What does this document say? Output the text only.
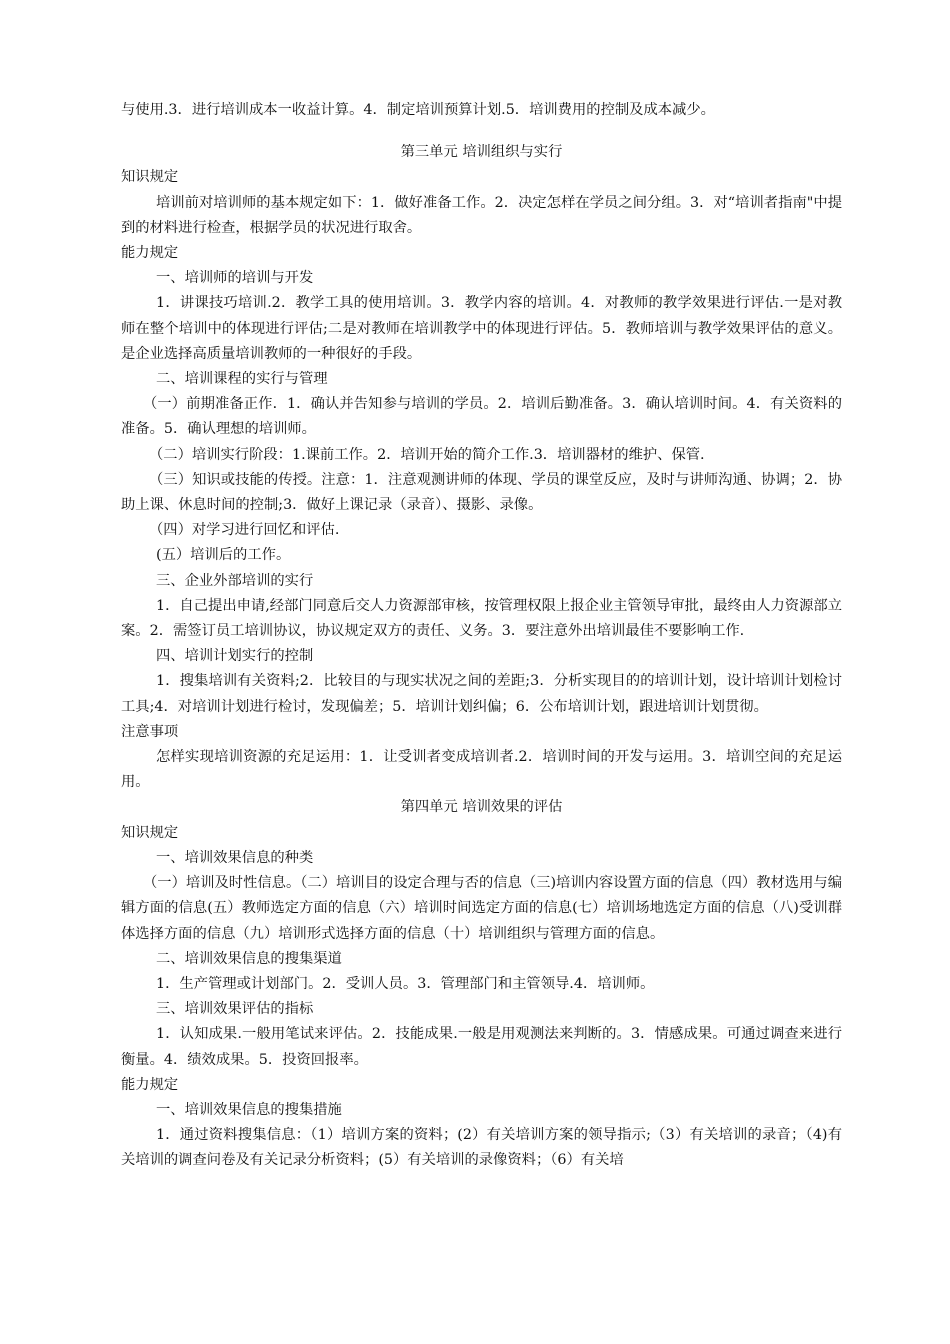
与使用.3．进行培训成本一收益计算。4．制定培训预算计划.5．培训费用的控制及成本减少。

第三单元 培训组织与实行

知识规定

培训前对培训师的基本规定如下：1．做好准备工作。2．决定怎样在学员之间分组。3．对“培训者指南"中提到的材料进行检查，根据学员的状况进行取舍。

能力规定

一、培训师的培训与开发

1．讲课技巧培训.2．教学工具的使用培训。3．教学内容的培训。4．对教师的教学效果进行评估.一是对教师在整个培训中的体现进行评估;二是对教师在培训教学中的体现进行评估。5．教师培训与教学效果评估的意义。是企业选择高质量培训教师的一种很好的手段。

二、培训课程的实行与管理

（一）前期准备正作．1．确认并告知参与培训的学员。2．培训后勤准备。3．确认培训时间。4．有关资料的准备。5．确认理想的培训师。

（二）培训实行阶段：1.课前工作。2．培训开始的简介工作.3．培训器材的维护、保管.

（三）知识或技能的传授。注意：1．注意观测讲师的体现、学员的课堂反应，及时与讲师沟通、协调；2．协助上课、休息时间的控制;3．做好上课记录（录音）、摄影、录像。

（四）对学习进行回忆和评估.

(五）培训后的工作。

三、企业外部培训的实行

1．自己提出申请,经部门同意后交人力资源部审核，按管理权限上报企业主管领导审批，最终由人力资源部立案。2．需签订员工培训协议，协议规定双方的责任、义务。3．要注意外出培训最佳不要影响工作.

四、培训计划实行的控制

1．搜集培训有关资料;2．比较目的与现实状况之间的差距;3．分析实现目的的培训计划，设计培训计划检讨工具;4．对培训计划进行检讨，发现偏差；5．培训计划纠偏；6．公布培训计划，跟进培训计划贯彻。

注意事项

怎样实现培训资源的充足运用：1．让受训者变成培训者.2．培训时间的开发与运用。3．培训空间的充足运用。

第四单元 培训效果的评估

知识规定

一、培训效果信息的种类

（一）培训及时性信息。（二）培训目的设定合理与否的信息（三)培训内容设置方面的信息（四）教材选用与编辑方面的信息(五）教师选定方面的信息（六）培训时间选定方面的信息(七）培训场地选定方面的信息（八)受训群体选择方面的信息（九）培训形式选择方面的信息（十）培训组织与管理方面的信息。

二、培训效果信息的搜集渠道

1．生产管理或计划部门。2．受训人员。3．管理部门和主管领导.4．培训师。

三、培训效果评估的指标

1．认知成果.一般用笔试来评估。2．技能成果.一般是用观测法来判断的。3．情感成果。可通过调查来进行衡量。4．绩效成果。5．投资回报率。

能力规定

一、培训效果信息的搜集措施

1．通过资料搜集信息：（1）培训方案的资料；(2）有关培训方案的领导指示;（3）有关培训的录音；（4)有关培训的调查问卷及有关记录分析资料；(5）有关培训的录像资料；（6）有关培
